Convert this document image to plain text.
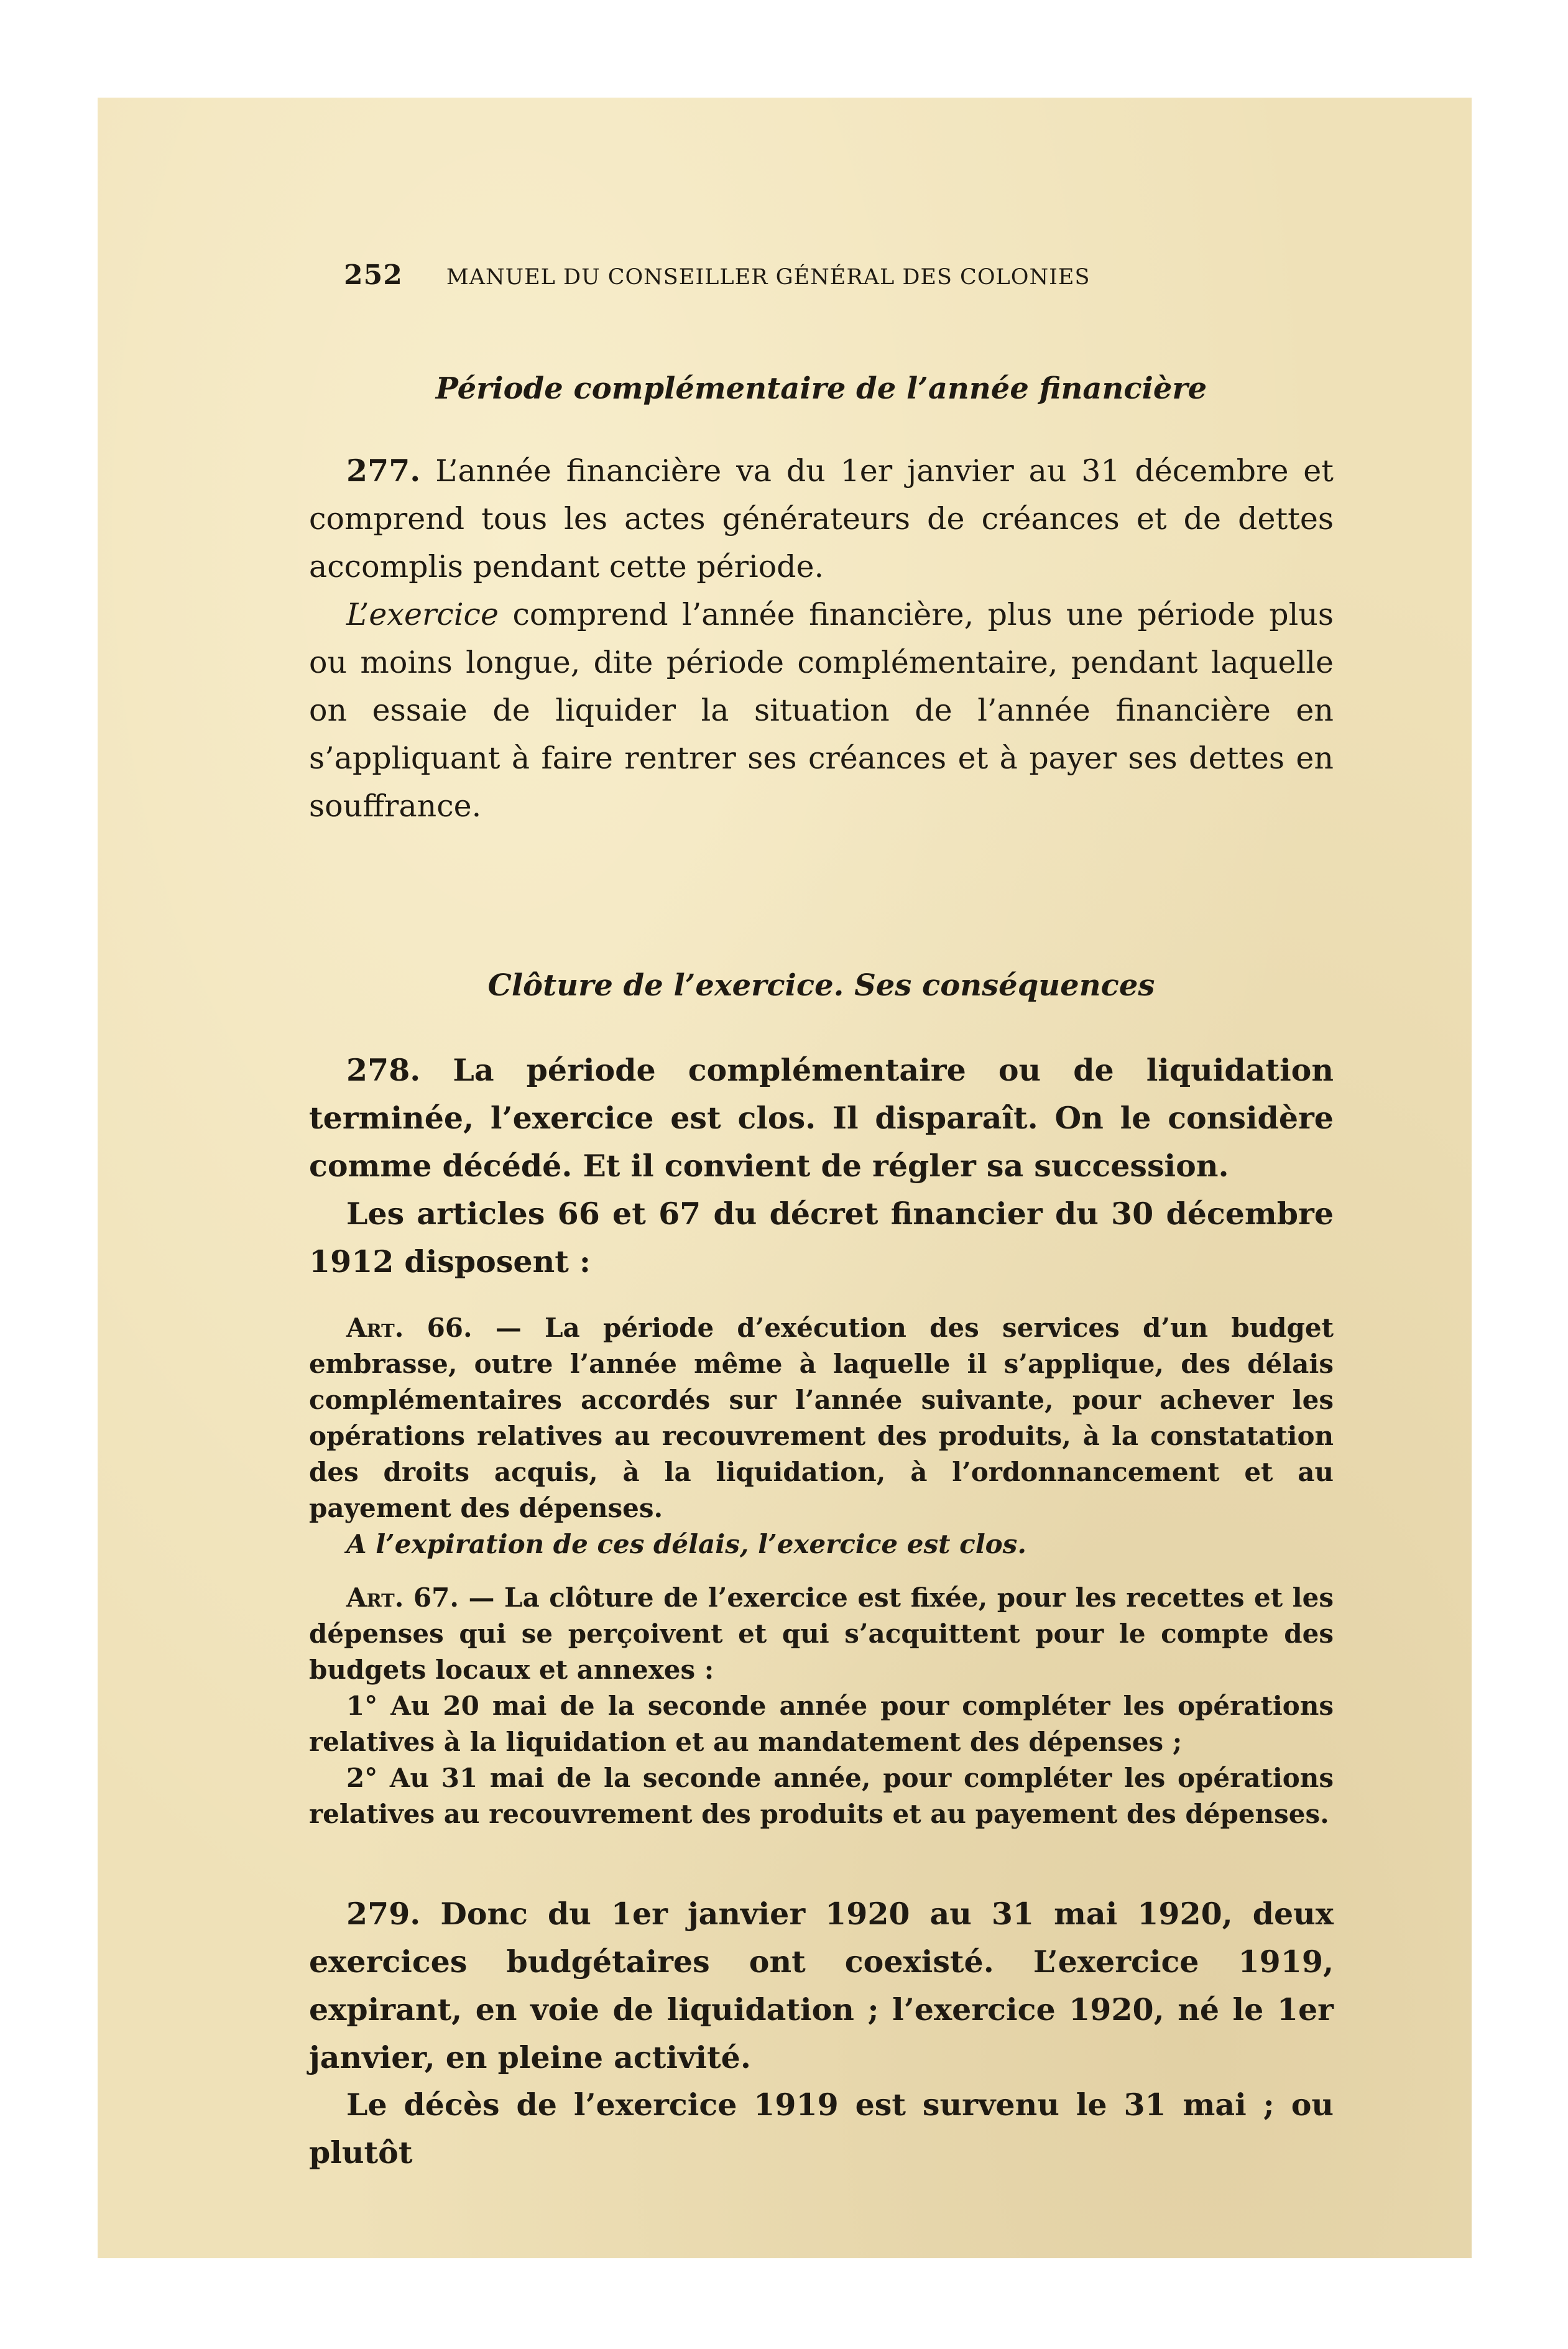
252 MANUEL DU CONSEILLER GÉNÉRAL DES COLONIES
Période complémentaire de l’année financière
277. L’année financière va du 1er janvier au 31 décembre et comprend tous les actes générateurs de créances et de dettes accomplis pendant cette période.
L’exercice comprend l’année financière, plus une période plus ou moins longue, dite période complémentaire, pendant laquelle on essaie de liquider la situation de l’année financière en s’appliquant à faire rentrer ses créances et à payer ses dettes en souffrance.
Clôture de l’exercice. Ses conséquences
278. La période complémentaire ou de liquidation terminée, l’exercice est clos. Il disparaît. On le considère comme décédé. Et il convient de régler sa succession.
Les articles 66 et 67 du décret financier du 30 décembre 1912 disposent :
Art. 66. — La période d’exécution des services d’un budget embrasse, outre l’année même à laquelle il s’applique, des délais complémentaires accordés sur l’année suivante, pour achever les opérations relatives au recouvrement des produits, à la constatation des droits acquis, à la liquidation, à l’ordonnancement et au payement des dépenses.
A l’expiration de ces délais, l’exercice est clos.
Art. 67. — La clôture de l’exercice est fixée, pour les recettes et les dépenses qui se perçoivent et qui s’acquittent pour le compte des budgets locaux et annexes :
1° Au 20 mai de la seconde année pour compléter les opérations relatives à la liquidation et au mandatement des dépenses ;
2° Au 31 mai de la seconde année, pour compléter les opérations relatives au recouvrement des produits et au payement des dépenses.
279. Donc du 1er janvier 1920 au 31 mai 1920, deux exercices budgétaires ont coexisté. L’exercice 1919, expirant, en voie de liquidation ; l’exercice 1920, né le 1er janvier, en pleine activité.
Le décès de l’exercice 1919 est survenu le 31 mai ; ou plutôt
